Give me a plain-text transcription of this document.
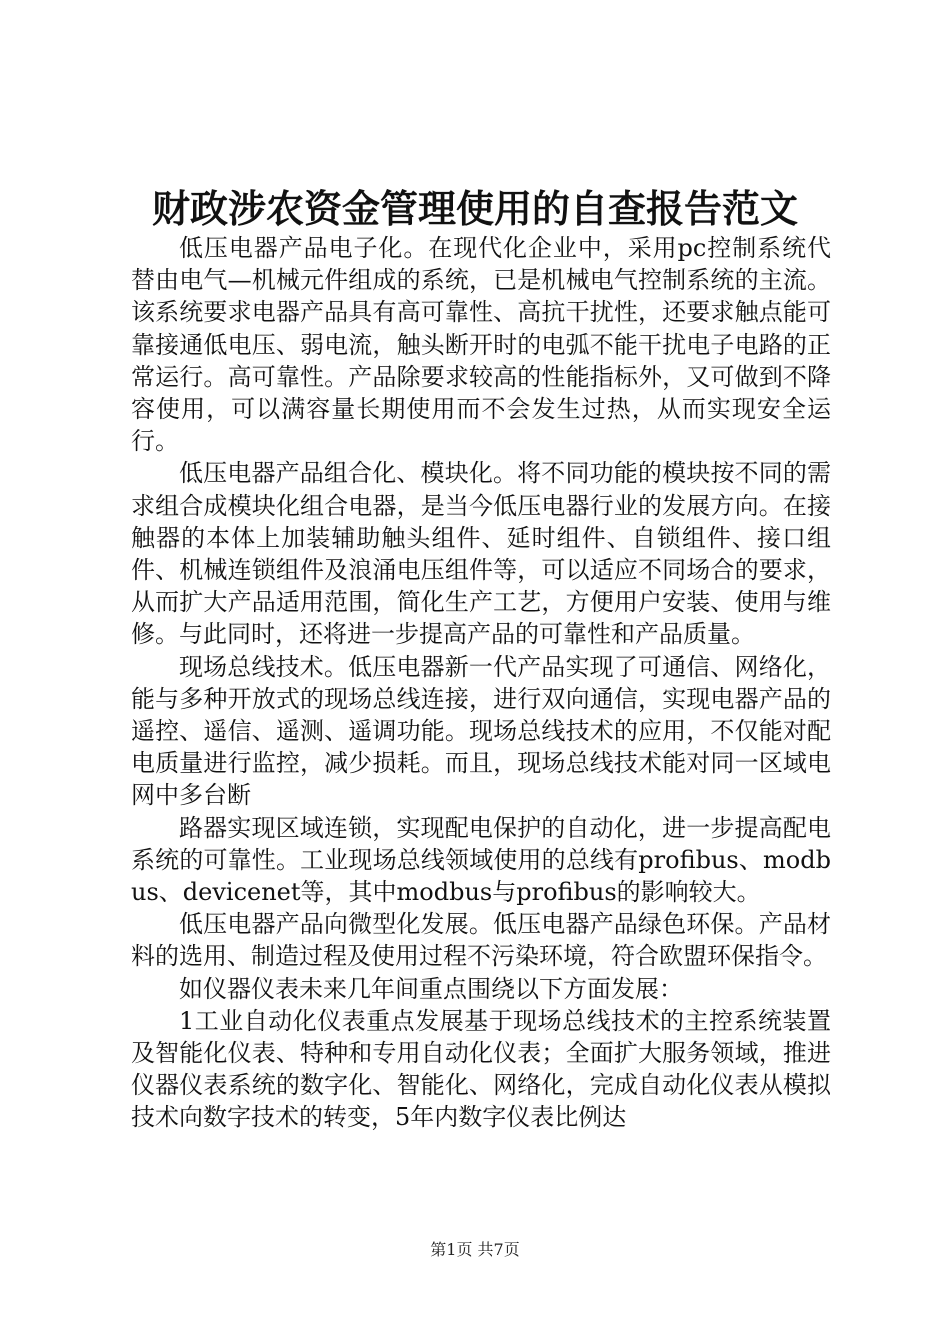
财政涉农资金管理使用的自查报告范文

低压电器产品电子化。在现代化企业中，采用pc控制系统代替由电气—机械元件组成的系统，已是机械电气控制系统的主流。该系统要求电器产品具有高可靠性、高抗干扰性，还要求触点能可靠接通低电压、弱电流，触头断开时的电弧不能干扰电子电路的正常运行。高可靠性。产品除要求较高的性能指标外，又可做到不降容使用，可以满容量长期使用而不会发生过热，从而实现安全运行。

低压电器产品组合化、模块化。将不同功能的模块按不同的需求组合成模块化组合电器，是当今低压电器行业的发展方向。在接触器的本体上加装辅助触头组件、延时组件、自锁组件、接口组件、机械连锁组件及浪涌电压组件等，可以适应不同场合的要求，从而扩大产品适用范围，简化生产工艺，方便用户安装、使用与维修。与此同时，还将进一步提高产品的可靠性和产品质量。

现场总线技术。低压电器新一代产品实现了可通信、网络化，能与多种开放式的现场总线连接，进行双向通信，实现电器产品的遥控、遥信、遥测、遥调功能。现场总线技术的应用，不仅能对配电质量进行监控，减少损耗。而且，现场总线技术能对同一区域电网中多台断

路器实现区域连锁，实现配电保护的自动化，进一步提高配电系统的可靠性。工业现场总线领域使用的总线有profibus、modbus、devicenet等，其中modbus与profibus的影响较大。

低压电器产品向微型化发展。低压电器产品绿色环保。产品材料的选用、制造过程及使用过程不污染环境，符合欧盟环保指令。

如仪器仪表未来几年间重点围绕以下方面发展：

1工业自动化仪表重点发展基于现场总线技术的主控系统装置及智能化仪表、特种和专用自动化仪表；全面扩大服务领域，推进仪器仪表系统的数字化、智能化、网络化，完成自动化仪表从模拟技术向数字技术的转变，5年内数字仪表比例达

第1页 共7页
